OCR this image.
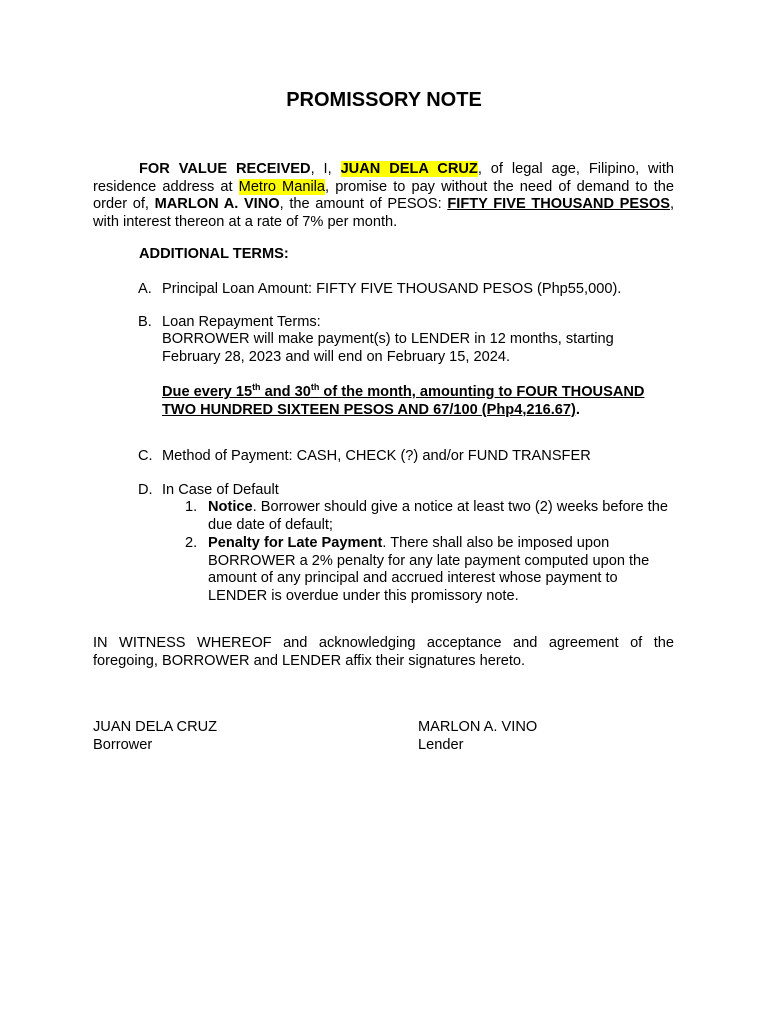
PROMISSORY NOTE
FOR VALUE RECEIVED, I, JUAN DELA CRUZ, of legal age, Filipino, with residence address at Metro Manila, promise to pay without the need of demand to the order of, MARLON A. VINO, the amount of PESOS: FIFTY FIVE THOUSAND PESOS, with interest thereon at a rate of 7% per month.
ADDITIONAL TERMS:
A. Principal Loan Amount: FIFTY FIVE THOUSAND PESOS (Php55,000).
B. Loan Repayment Terms:
BORROWER will make payment(s) to LENDER in 12 months, starting February 28, 2023 and will end on February 15, 2024.
Due every 15th and 30th of the month, amounting to FOUR THOUSAND TWO HUNDRED SIXTEEN PESOS AND 67/100 (Php4,216.67).
C. Method of Payment: CASH, CHECK (?) and/or FUND TRANSFER
D. In Case of Default
1. Notice. Borrower should give a notice at least two (2) weeks before the due date of default;
2. Penalty for Late Payment. There shall also be imposed upon BORROWER a 2% penalty for any late payment computed upon the amount of any principal and accrued interest whose payment to LENDER is overdue under this promissory note.
IN WITNESS WHEREOF and acknowledging acceptance and agreement of the foregoing, BORROWER and LENDER affix their signatures hereto.
JUAN DELA CRUZ
Borrower
MARLON A. VINO
Lender
